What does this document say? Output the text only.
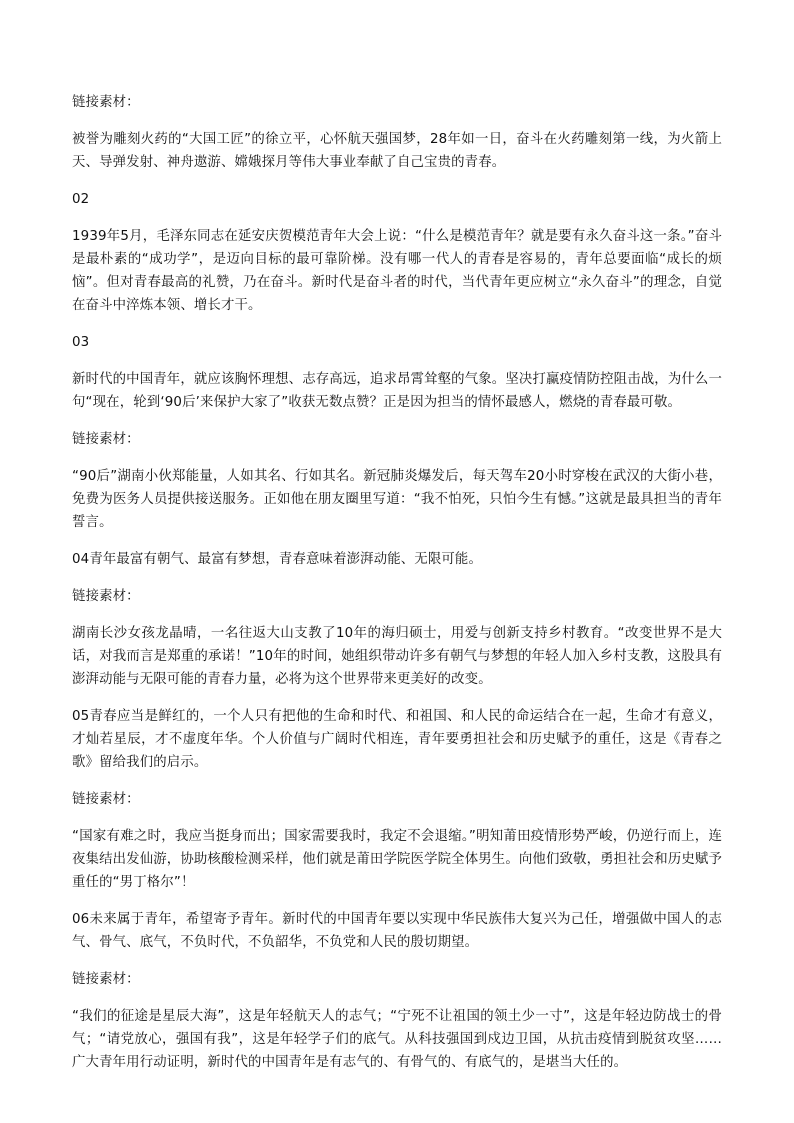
链接素材：

被誉为雕刻火药的“大国工匠”的徐立平，心怀航天强国梦，28年如一日，奋斗在火药雕刻第一线，为火箭上天、导弹发射、神舟遨游、嫦娥探月等伟大事业奉献了自己宝贵的青春。

02

1939年5月，毛泽东同志在延安庆贺模范青年大会上说：“什么是模范青年？就是要有永久奋斗这一条。”奋斗是最朴素的“成功学”，是迈向目标的最可靠阶梯。没有哪一代人的青春是容易的，青年总要面临“成长的烦恼”。但对青春最高的礼赞，乃在奋斗。新时代是奋斗者的时代，当代青年更应树立“永久奋斗”的理念，自觉在奋斗中淬炼本领、增长才干。

03

新时代的中国青年，就应该胸怀理想、志存高远，追求昂霄耸壑的气象。坚决打赢疫情防控阻击战，为什么一句“现在，轮到‘90后’来保护大家了”收获无数点赞？正是因为担当的情怀最感人，燃烧的青春最可敬。

链接素材：

“90后”湖南小伙郑能量，人如其名、行如其名。新冠肺炎爆发后，每天驾车20小时穿梭在武汉的大街小巷，免费为医务人员提供接送服务。正如他在朋友圈里写道：“我不怕死，只怕今生有憾。”这就是最具担当的青年誓言。

04青年最富有朝气、最富有梦想，青春意味着澎湃动能、无限可能。

链接素材：

湖南长沙女孩龙晶晴，一名往返大山支教了10年的海归硕士，用爱与创新支持乡村教育。“改变世界不是大话，对我而言是郑重的承诺！”10年的时间，她组织带动许多有朝气与梦想的年轻人加入乡村支教，这股具有澎湃动能与无限可能的青春力量，必将为这个世界带来更美好的改变。

05青春应当是鲜红的，一个人只有把他的生命和时代、和祖国、和人民的命运结合在一起，生命才有意义，才灿若星辰，才不虚度年华。个人价值与广阔时代相连，青年要勇担社会和历史赋予的重任，这是《青春之歌》留给我们的启示。

链接素材：

“国家有难之时，我应当挺身而出；国家需要我时，我定不会退缩。”明知莆田疫情形势严峻，仍逆行而上，连夜集结出发仙游，协助核酸检测采样，他们就是莆田学院医学院全体男生。向他们致敬，勇担社会和历史赋予重任的“男丁格尔”！

06未来属于青年，希望寄予青年。新时代的中国青年要以实现中华民族伟大复兴为己任，增强做中国人的志气、骨气、底气，不负时代，不负韶华，不负党和人民的殷切期望。

链接素材：

“我们的征途是星辰大海”，这是年轻航天人的志气；“宁死不让祖国的领土少一寸”，这是年轻边防战士的骨气；“请党放心，强国有我”，这是年轻学子们的底气。从科技强国到戍边卫国，从抗击疫情到脱贫攻坚……广大青年用行动证明，新时代的中国青年是有志气的、有骨气的、有底气的，是堪当大任的。
